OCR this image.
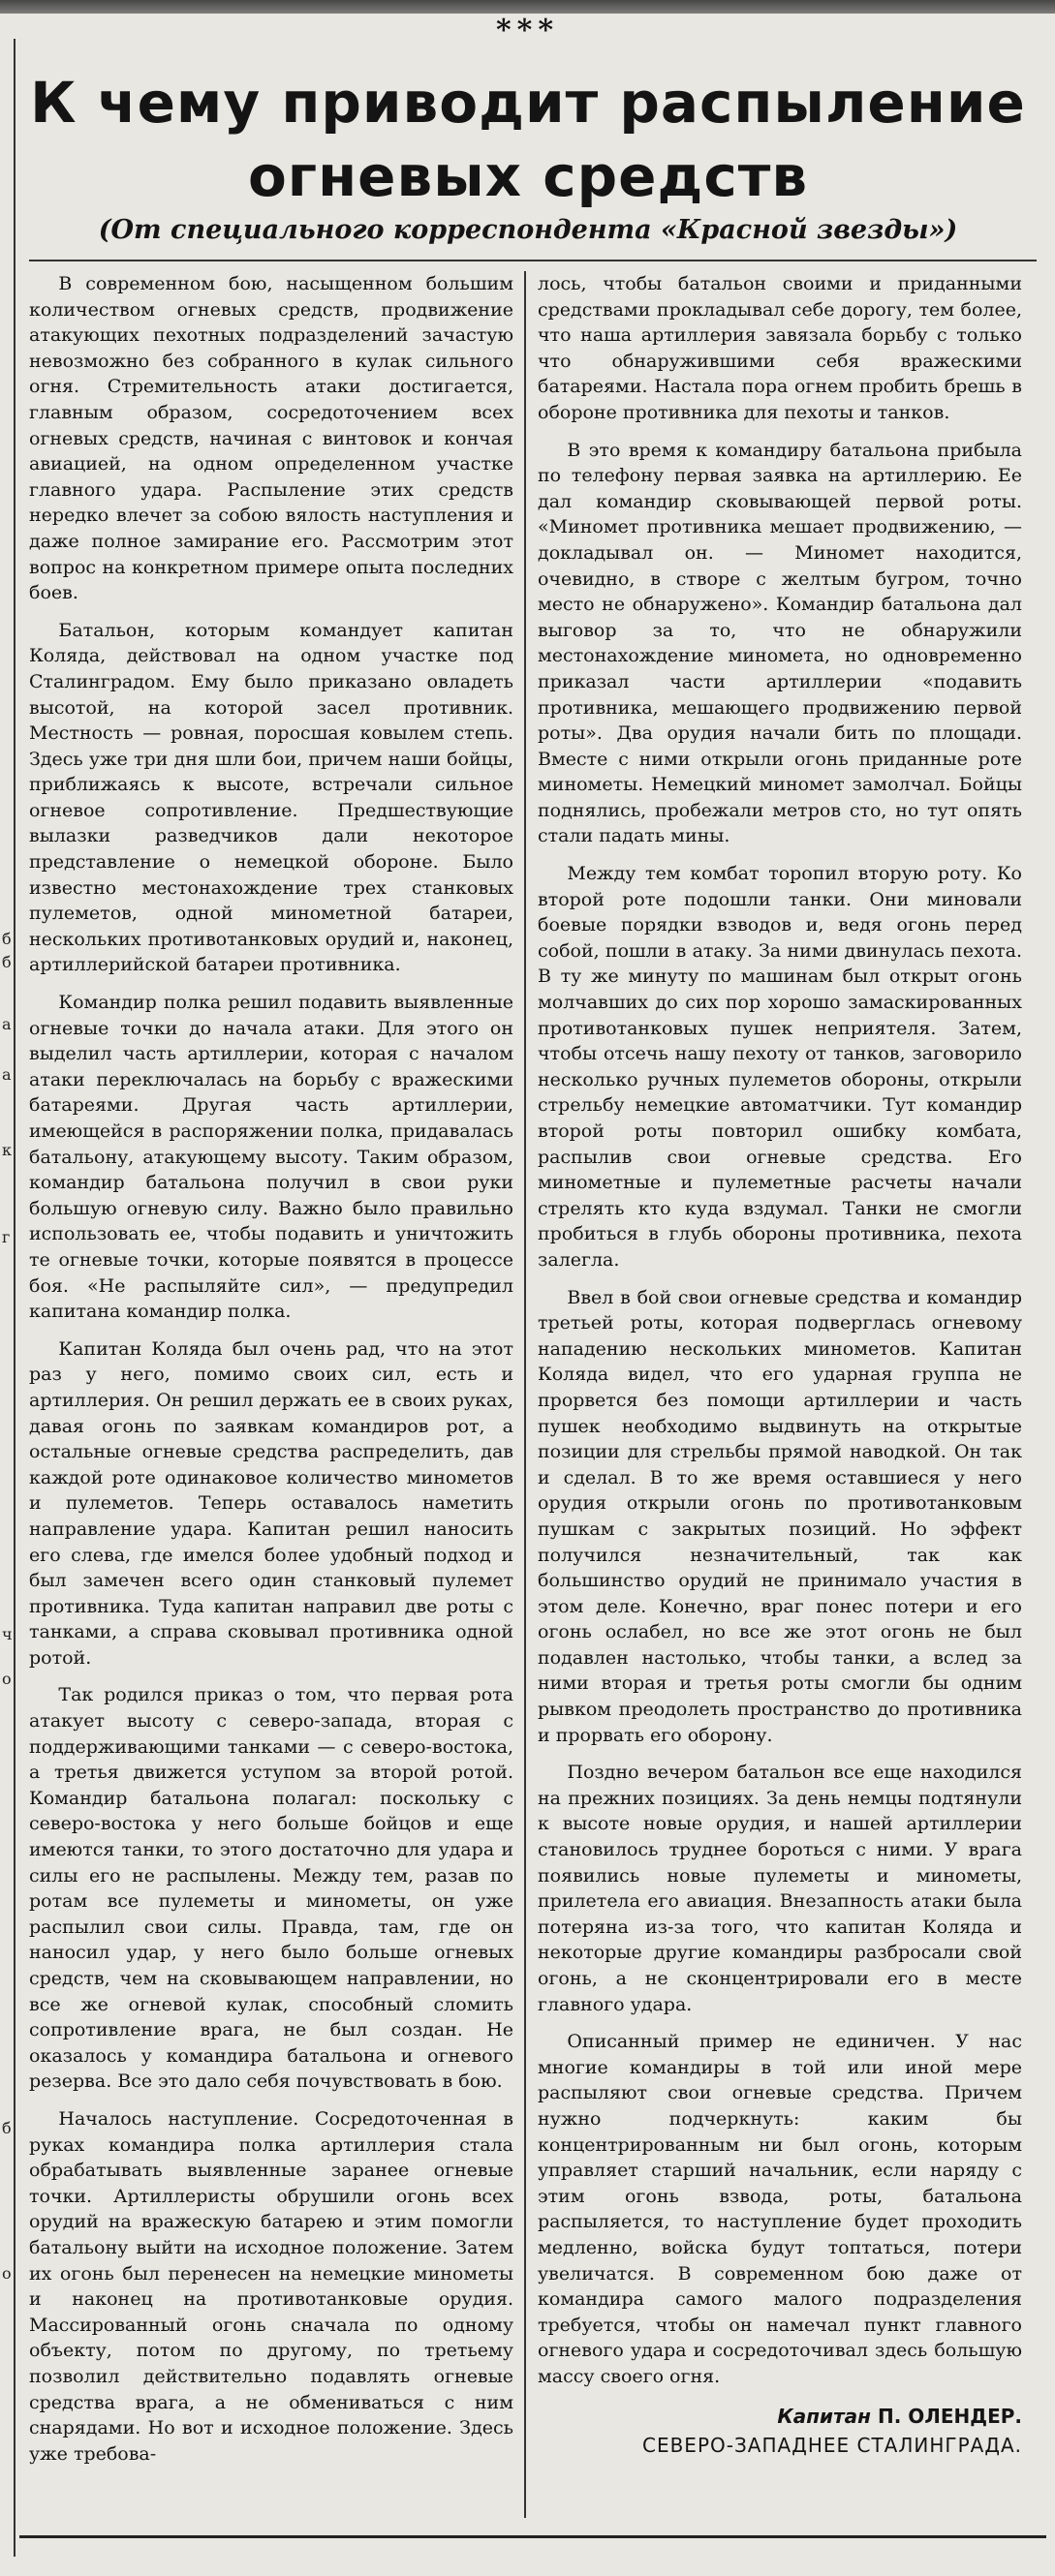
б
б
а
а
к
г
ч
о
б
о
***
К чему приводит распыление огневых средств
(От специального корреспондента «Красной звезды»)

В современном бою, насыщенном большим количеством огневых средств, продвижение атакующих пехотных подразделений зачастую невозможно без собранного в кулак сильного огня. Стремительность атаки достигается, главным образом, сосредоточением всех огневых средств, начиная с винтовок и кончая авиацией, на одном определенном участке главного удара. Распыление этих средств нередко влечет за собою вялость наступления и даже полное замирание его. Рассмотрим этот вопрос на конкретном примере опыта последних боев.

Батальон, которым командует капитан Коляда, действовал на одном участке под Сталинградом. Ему было приказано овладеть высотой, на которой засел противник. Местность — ровная, поросшая ковылем степь. Здесь уже три дня шли бои, причем наши бойцы, приближаясь к высоте, встречали сильное огневое сопротивление. Предшествующие вылазки разведчиков дали некоторое представление о немецкой обороне. Было известно местонахождение трех станковых пулеметов, одной минометной батареи, нескольких противотанковых орудий и, наконец, артиллерийской батареи противника.

Командир полка решил подавить выявленные огневые точки до начала атаки. Для этого он выделил часть артиллерии, которая с началом атаки переключалась на борьбу с вражескими батареями. Другая часть артиллерии, имеющейся в распоряжении полка, придавалась батальону, атакующему высоту. Таким образом, командир батальона получил в свои руки большую огневую силу. Важно было правильно использовать ее, чтобы подавить и уничтожить те огневые точки, которые появятся в процессе боя. «Не распыляйте сил», — предупредил капитана командир полка.

Капитан Коляда был очень рад, что на этот раз у него, помимо своих сил, есть и артиллерия. Он решил держать ее в своих руках, давая огонь по заявкам командиров рот, а остальные огневые средства распределить, дав каждой роте одинаковое количество минометов и пулеметов. Теперь оставалось наметить направление удара. Капитан решил наносить его слева, где имелся более удобный подход и был замечен всего один станковый пулемет противника. Туда капитан направил две роты с танками, а справа сковывал противника одной ротой.

Так родился приказ о том, что первая рота атакует высоту с северо-запада, вторая с поддерживающими танками — с северо-востока, а третья движется уступом за второй ротой. Командир батальона полагал: поскольку с северо-востока у него больше бойцов и еще имеются танки, то этого достаточно для удара и силы его не распылены. Между тем, разав по ротам все пулеметы и минометы, он уже распылил свои силы. Правда, там, где он наносил удар, у него было больше огневых средств, чем на сковывающем направлении, но все же огневой кулак, способный сломить сопротивление врага, не был создан. Не оказалось у командира батальона и огневого резерва. Все это дало себя почувствовать в бою.

Началось наступление. Сосредоточенная в руках командира полка артиллерия стала обрабатывать выявленные заранее огневые точки. Артиллеристы обрушили огонь всех орудий на вражескую батарею и этим помогли батальону выйти на исходное положение. Затем их огонь был перенесен на немецкие минометы и наконец на противотанковые орудия. Массированный огонь сначала по одному объекту, потом по другому, по третьему позволил действительно подавлять огневые средства врага, а не обмениваться с ним снарядами. Но вот и исходное положение. Здесь уже требова-

лось, чтобы батальон своими и приданными средствами прокладывал себе дорогу, тем более, что наша артиллерия завязала борьбу с только что обнаружившими себя вражескими батареями. Настала пора огнем пробить брешь в обороне противника для пехоты и танков.

В это время к командиру батальона прибыла по телефону первая заявка на артиллерию. Ее дал командир сковывающей первой роты. «Миномет противника мешает продвижению, — докладывал он. — Миномет находится, очевидно, в створе с желтым бугром, точно место не обнаружено». Командир батальона дал выговор за то, что не обнаружили местонахождение миномета, но одновременно приказал части артиллерии «подавить противника, мешающего продвижению первой роты». Два орудия начали бить по площади. Вместе с ними открыли огонь приданные роте минометы. Немецкий миномет замолчал. Бойцы поднялись, пробежали метров сто, но тут опять стали падать мины.

Между тем комбат торопил вторую роту. Ко второй роте подошли танки. Они миновали боевые порядки взводов и, ведя огонь перед собой, пошли в атаку. За ними двинулась пехота. В ту же минуту по машинам был открыт огонь молчавших до сих пор хорошо замаскированных противотанковых пушек неприятеля. Затем, чтобы отсечь нашу пехоту от танков, заговорило несколько ручных пулеметов обороны, открыли стрельбу немецкие автоматчики. Тут командир второй роты повторил ошибку комбата, распылив свои огневые средства. Его минометные и пулеметные расчеты начали стрелять кто куда вздумал. Танки не смогли пробиться в глубь обороны противника, пехота залегла.

Ввел в бой свои огневые средства и командир третьей роты, которая подверглась огневому нападению нескольких минометов. Капитан Коляда видел, что его ударная группа не прорвется без помощи артиллерии и часть пушек необходимо выдвинуть на открытые позиции для стрельбы прямой наводкой. Он так и сделал. В то же время оставшиеся у него орудия открыли огонь по противотанковым пушкам с закрытых позиций. Но эффект получился незначительный, так как большинство орудий не принимало участия в этом деле. Конечно, враг понес потери и его огонь ослабел, но все же этот огонь не был подавлен настолько, чтобы танки, а вслед за ними вторая и третья роты смогли бы одним рывком преодолеть пространство до противника и прорвать его оборону.

Поздно вечером батальон все еще находился на прежних позициях. За день немцы подтянули к высоте новые орудия, и нашей артиллерии становилось труднее бороться с ними. У врага появились новые пулеметы и минометы, прилетела его авиация. Внезапность атаки была потеряна из-за того, что капитан Коляда и некоторые другие командиры разбросали свой огонь, а не сконцентрировали его в месте главного удара.

Описанный пример не единичен. У нас многие командиры в той или иной мере распыляют свои огневые средства. Причем нужно подчеркнуть: каким бы концентрированным ни был огонь, которым управляет старший начальник, если наряду с этим огонь взвода, роты, батальона распыляется, то наступление будет проходить медленно, войска будут топтаться, потери увеличатся. В современном бою даже от командира самого малого подразделения требуется, чтобы он намечал пункт главного огневого удара и сосредоточивал здесь большую массу своего огня.

Капитан П. ОЛЕНДЕР.
СЕВЕРО-ЗАПАДНЕЕ СТАЛИНГРАДА.
